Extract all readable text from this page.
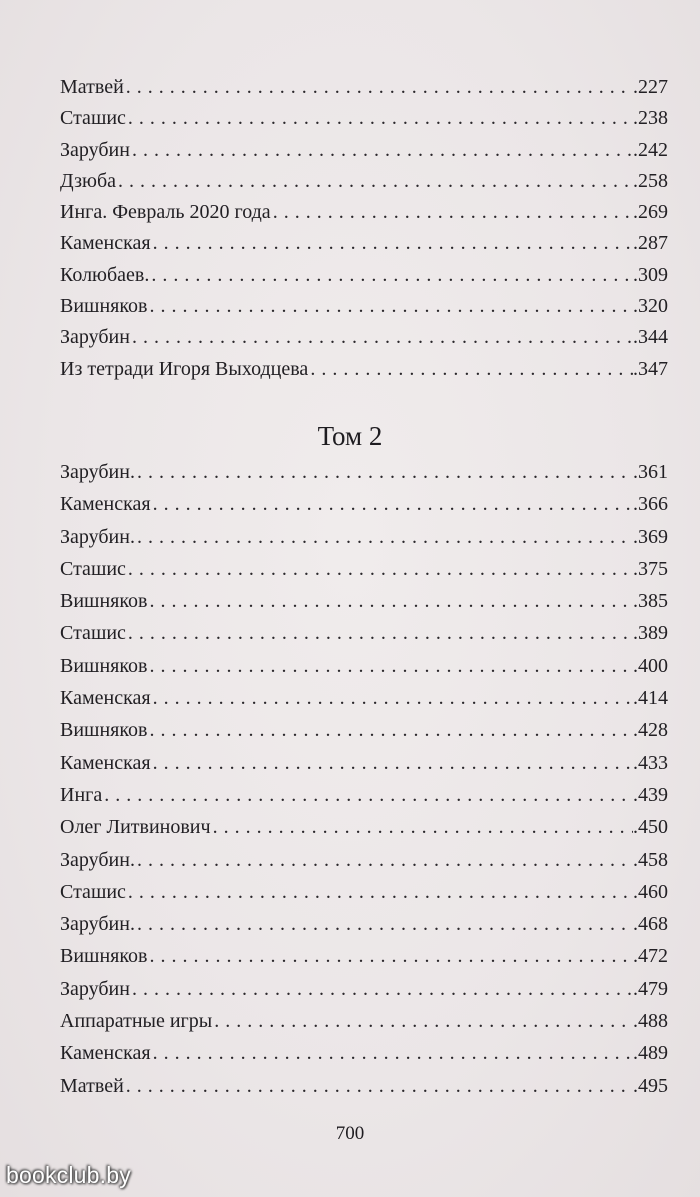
Матвей . . .	.227
Сташис . . .	.238
Зарубин . . .	.242
Дзюба . . .	.258
Инга. Февраль 2020 года . . .	.269
Каменская . . .	.287
Колюбаев. . . .	.309
Вишняков . . .	.320
Зарубин . . .	.344
Из тетради Игоря Выходцева . . .	.347
Том 2
Зарубин. . . .	.361
Каменская . . .	.366
Зарубин. . . .	.369
Сташис . . .	.375
Вишняков . . .	.385
Сташис . . .	.389
Вишняков . . .	.400
Каменская . . .	.414
Вишняков . . .	.428
Каменская . . .	.433
Инга . . .	.439
Олег Литвинович . . .	.450
Зарубин. . . .	.458
Сташис . . .	.460
Зарубин. . . .	.468
Вишняков . . .	.472
Зарубин . . .	.479
Аппаратные игры . . .	.488
Каменская . . .	.489
Матвей . . .	.495
700
bookclub.by
